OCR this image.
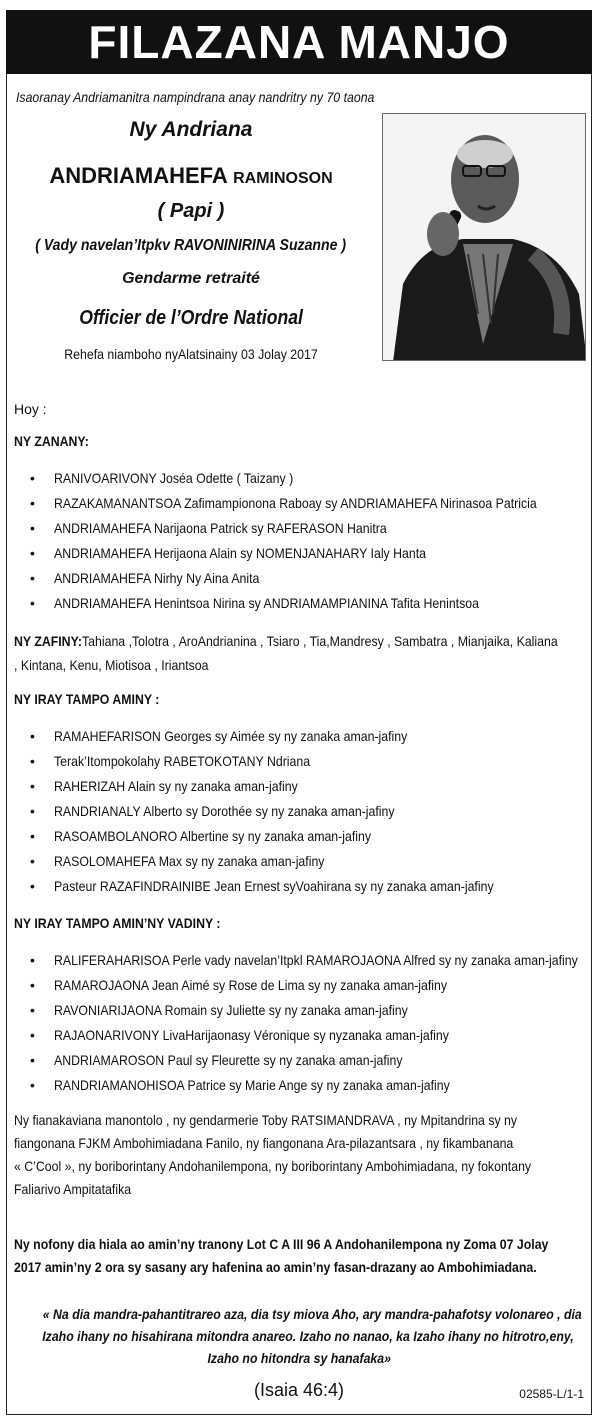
FILAZANA MANJO
Isaoranay Andriamanitra nampindrana anay nandritry ny 70 taona
Ny Andriana
ANDRIAMAHEFA RAMINOSON
( Papi )
( Vady navelan’Itpkv RAVONINIRINA Suzanne )
Gendarme retraité
Officier de l’Ordre National
Rehefa niamboho nyAlatsinainy 03 Jolay 2017
Hoy :
NY ZANANY:
• RANIVOARIVONY Joséa Odette ( Taizany )
• RAZAKAMANANTSOA Zafimampionona Raboay sy ANDRIAMAHEFA Nirinasoa Patricia
• ANDRIAMAHEFA Narijaona Patrick sy RAFERASON Hanitra
• ANDRIAMAHEFA Herijaona Alain sy NOMENJANAHARY Ialy Hanta
• ANDRIAMAHEFA Nirhy Ny Aina Anita
• ANDRIAMAHEFA Henintsoa Nirina sy ANDRIAMAMPIANINA Tafita Henintsoa
NY ZAFINY:Tahiana ,Tolotra , AroAndrianina , Tsiaro , Tia,Mandresy , Sambatra , Mianjaika, Kaliana
, Kintana, Kenu, Miotisoa , Iriantsoa
NY IRAY TAMPO AMINY :
• RAMAHEFARISON Georges sy Aimée sy ny zanaka aman-jafiny
• Terak’Itompokolahy RABETOKOTANY Ndriana
• RAHERIZAH Alain sy ny zanaka aman-jafiny
• RANDRIANALY Alberto sy Dorothée sy ny zanaka aman-jafiny
• RASOAMBOLANORO Albertine sy ny zanaka aman-jafiny
• RASOLOMAHEFA Max sy ny zanaka aman-jafiny
• Pasteur RAZAFINDRAINIBE Jean Ernest syVoahirana sy ny zanaka aman-jafiny
NY IRAY TAMPO AMIN’NY VADINY :
• RALIFERAHARISOA Perle vady navelan’Itpkl RAMAROJAONA Alfred sy ny zanaka aman-jafiny
• RAMAROJAONA Jean Aimé sy Rose de Lima sy ny zanaka aman-jafiny
• RAVONIARIJAONA Romain sy Juliette sy ny zanaka aman-jafiny
• RAJAONARIVONY LivaHarijaonasy Véronique sy nyzanaka aman-jafiny
• ANDRIAMAROSON Paul sy Fleurette sy ny zanaka aman-jafiny
• RANDRIAMANOHISOA Patrice sy Marie Ange sy ny zanaka aman-jafiny
Ny fianakaviana manontolo , ny gendarmerie Toby RATSIMANDRAVA , ny Mpitandrina sy ny
fiangonana FJKM Ambohimiadana Fanilo, ny fiangonana Ara-pilazantsara , ny fikambanana
« C’Cool », ny boriborintany Andohanilempona, ny boriborintany Ambohimiadana, ny fokontany
Faliarivo Ampitatafika
Ny nofony dia hiala ao amin’ny tranony Lot C A III 96 A Andohanilempona ny Zoma 07 Jolay
2017 amin’ny 2 ora sy sasany ary hafenina ao amin’ny fasan-drazany ao Ambohimiadana.
« Na dia mandra-pahantitrareo aza, dia tsy miova Aho, ary mandra-pahafotsy volonareo , dia
Izaho ihany no hisahirana mitondra anareo. Izaho no nanao, ka Izaho ihany no hitrotro,eny,
Izaho no hitondra sy hanafaka»
(Isaia 46:4)	02585-L/1-1
